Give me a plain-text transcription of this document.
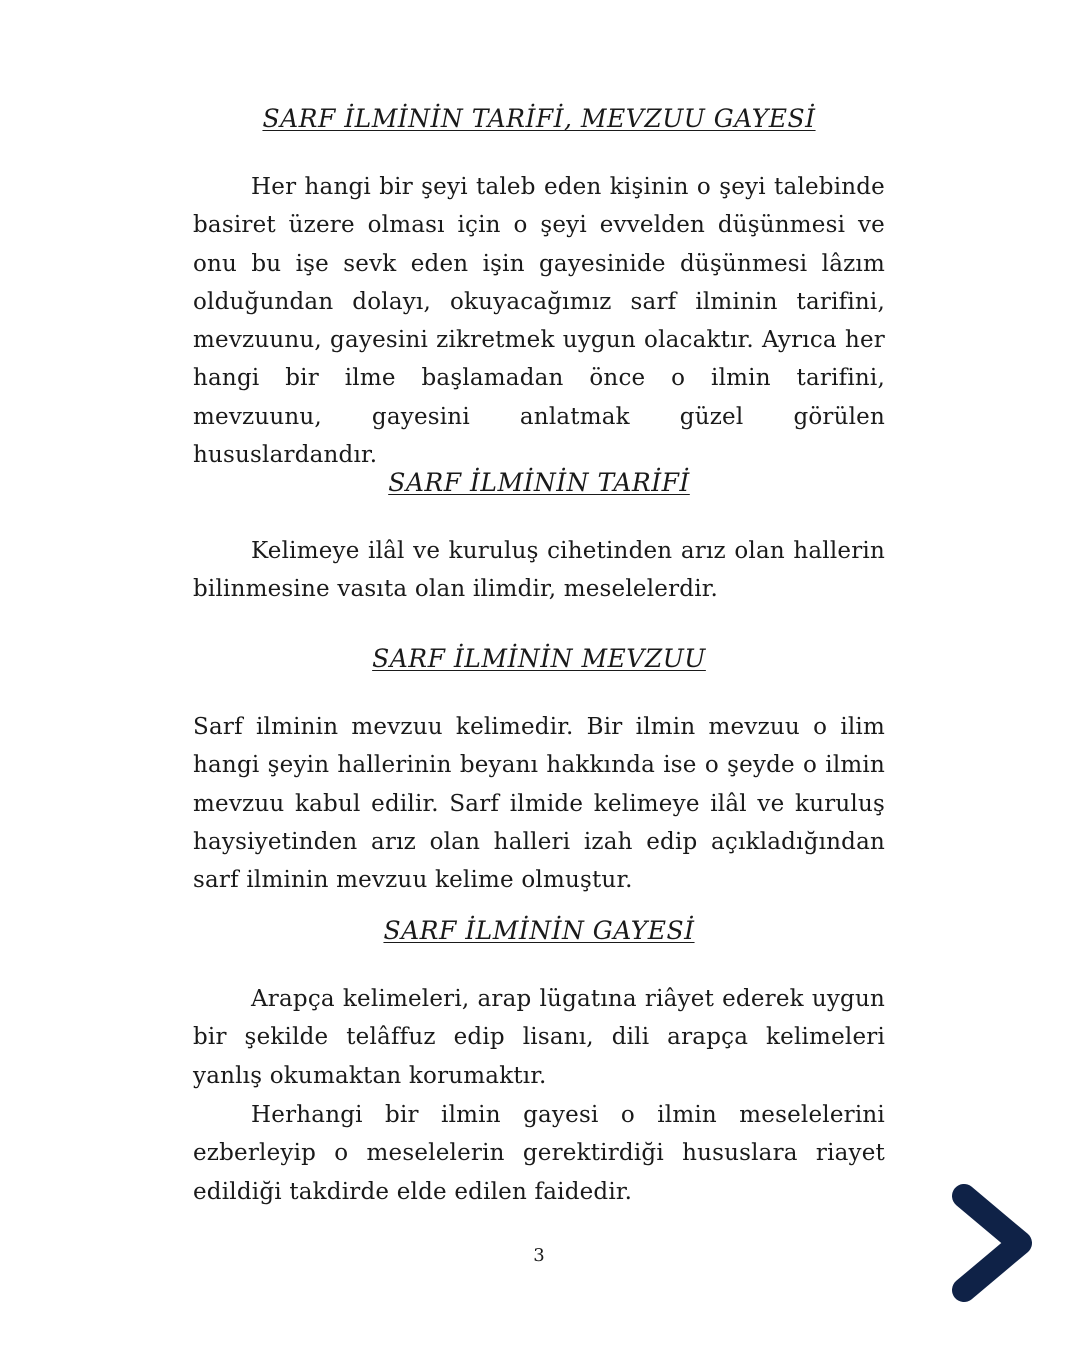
SARF İLMİNİN TARİFİ, MEVZUU GAYESİ

Her hangi bir şeyi taleb eden kişinin o şeyi talebinde basiret üzere olması için o şeyi evvelden düşünmesi ve onu bu işe sevk eden işin gayesinide düşünmesi lâzım olduğundan dolayı, okuyacağımız sarf ilminin tarifini, mevzuunu, gayesini zikretmek uygun olacaktır. Ayrıca her hangi bir ilme başlamadan önce o ilmin tarifini, mevzuunu, gayesini anlatmak güzel görülen hususlardandır.

SARF İLMİNİN TARİFİ

Kelimeye ilâl ve kuruluş cihetinden arız olan hallerin bilinmesine vasıta olan ilimdir, meselelerdir.

SARF İLMİNİN MEVZUU

Sarf ilminin mevzuu kelimedir. Bir ilmin mevzuu o ilim hangi şeyin hallerinin beyanı hakkında ise o şeyde o ilmin mevzuu kabul edilir. Sarf ilmide kelimeye ilâl ve kuruluş haysiyetinden arız olan halleri izah edip açıkladığından sarf ilminin mevzuu kelime olmuştur.

SARF İLMİNİN GAYESİ

Arapça kelimeleri, arap lügatına riâyet ederek uygun bir şekilde telâffuz edip lisanı, dili arapça kelimeleri yanlış okumaktan korumaktır.

Herhangi bir ilmin gayesi o ilmin meselelerini ezberleyip o meselelerin gerektirdiği hususlara riayet edildiği takdirde elde edilen faidedir.

3
